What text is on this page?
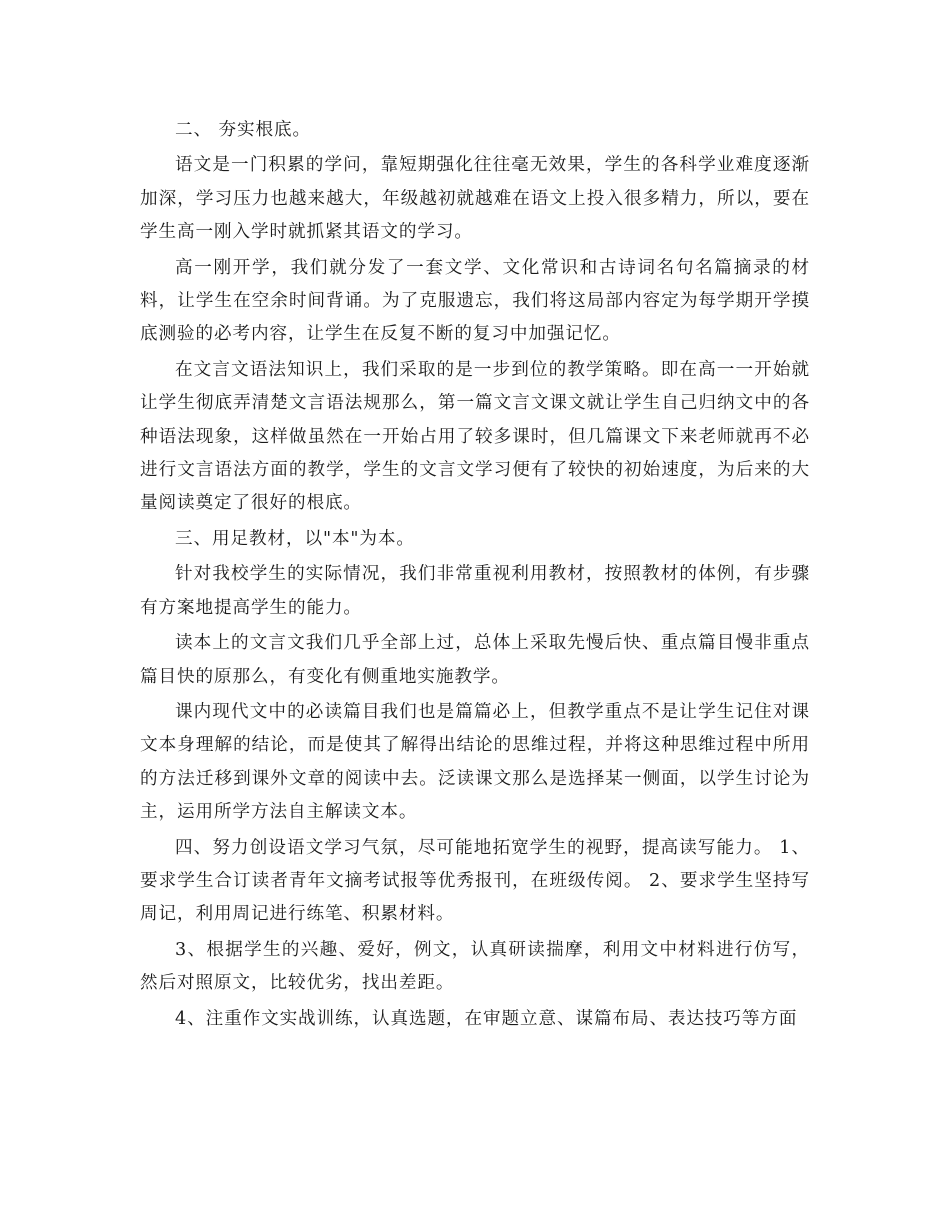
二、 夯实根底。

语文是一门积累的学问，靠短期强化往往毫无效果，学生的各科学业难度逐渐加深，学习压力也越来越大，年级越初就越难在语文上投入很多精力，所以，要在学生高一刚入学时就抓紧其语文的学习。

高一刚开学，我们就分发了一套文学、文化常识和古诗词名句名篇摘录的材料，让学生在空余时间背诵。为了克服遗忘，我们将这局部内容定为每学期开学摸底测验的必考内容，让学生在反复不断的复习中加强记忆。

在文言文语法知识上，我们采取的是一步到位的教学策略。即在高一一开始就让学生彻底弄清楚文言语法规那么，第一篇文言文课文就让学生自己归纳文中的各种语法现象，这样做虽然在一开始占用了较多课时，但几篇课文下来老师就再不必进行文言语法方面的教学，学生的文言文学习便有了较快的初始速度，为后来的大量阅读奠定了很好的根底。

三、用足教材，以"本"为本。

针对我校学生的实际情况，我们非常重视利用教材，按照教材的体例，有步骤有方案地提高学生的能力。

读本上的文言文我们几乎全部上过，总体上采取先慢后快、重点篇目慢非重点篇目快的原那么，有变化有侧重地实施教学。

课内现代文中的必读篇目我们也是篇篇必上，但教学重点不是让学生记住对课文本身理解的结论，而是使其了解得出结论的思维过程，并将这种思维过程中所用的方法迁移到课外文章的阅读中去。泛读课文那么是选择某一侧面，以学生讨论为主，运用所学方法自主解读文本。

四、努力创设语文学习气氛，尽可能地拓宽学生的视野，提高读写能力。 1、要求学生合订读者青年文摘考试报等优秀报刊，在班级传阅。 2、要求学生坚持写周记，利用周记进行练笔、积累材料。

3、根据学生的兴趣、爱好，例文，认真研读揣摩，利用文中材料进行仿写，然后对照原文，比较优劣，找出差距。

4、注重作文实战训练，认真选题，在审题立意、谋篇布局、表达技巧等方面
